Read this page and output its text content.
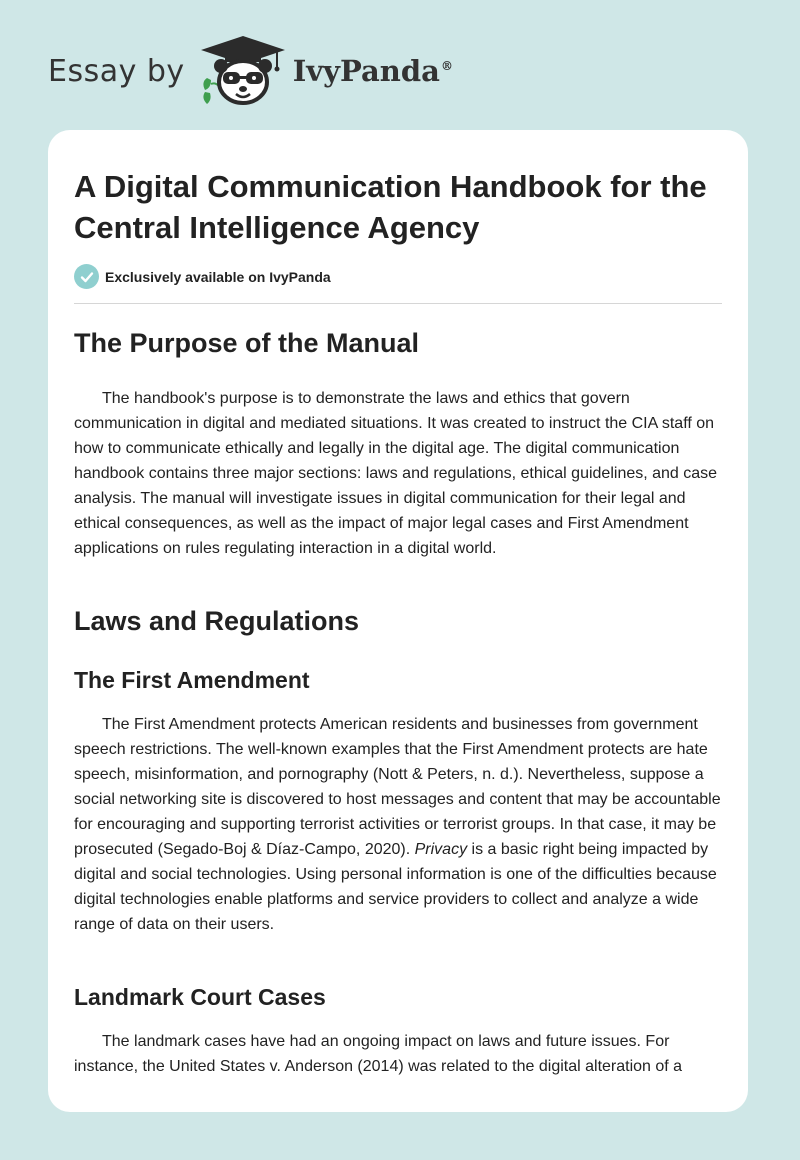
Essay by	IvyPanda®
A Digital Communication Handbook for the Central Intelligence Agency
Exclusively available on IvyPanda
The Purpose of the Manual

The handbook's purpose is to demonstrate the laws and ethics that govern communication in digital and mediated situations. It was created to instruct the CIA staff on how to communicate ethically and legally in the digital age. The digital communication handbook contains three major sections: laws and regulations, ethical guidelines, and case analysis. The manual will investigate issues in digital communication for their legal and ethical consequences, as well as the impact of major legal cases and First Amendment applications on rules regulating interaction in a digital world.

Laws and Regulations
The First Amendment

The First Amendment protects American residents and businesses from government speech restrictions. The well-known examples that the First Amendment protects are hate speech, misinformation, and pornography (Nott & Peters, n. d.). Nevertheless, suppose a social networking site is discovered to host messages and content that may be accountable for encouraging and supporting terrorist activities or terrorist groups. In that case, it may be prosecuted (Segado-Boj & Díaz-Campo, 2020). Privacy is a basic right being impacted by digital and social technologies. Using personal information is one of the difficulties because digital technologies enable platforms and service providers to collect and analyze a wide range of data on their users.

Landmark Court Cases

The landmark cases have had an ongoing impact on laws and future issues. For instance, the United States v. Anderson (2014) was related to the digital alteration of a
